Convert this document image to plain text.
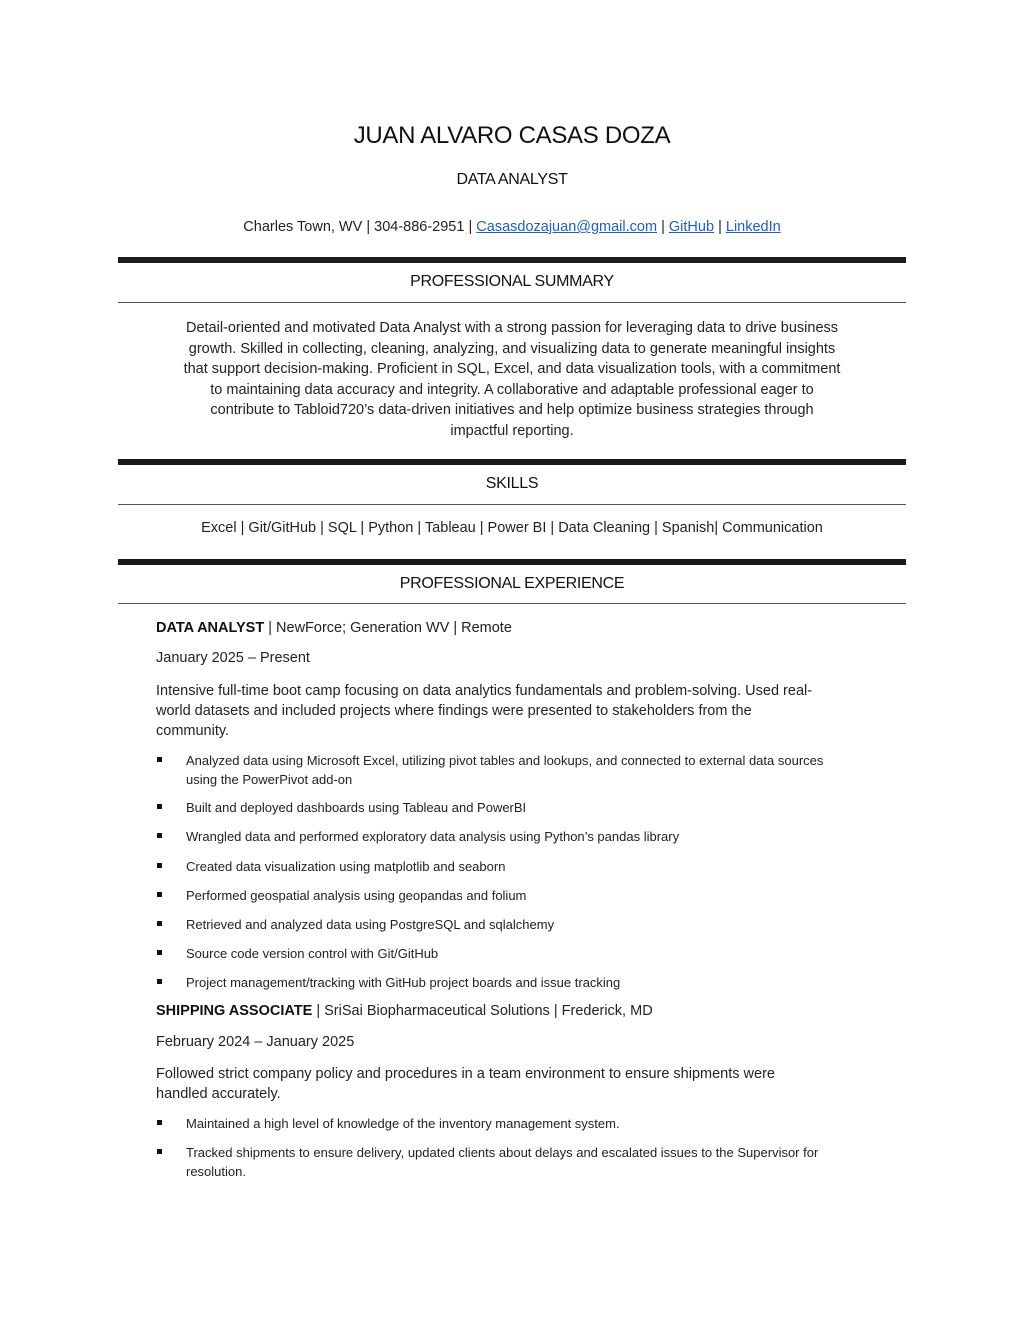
JUAN ALVARO CASAS DOZA
DATA ANALYST
Charles Town, WV | 304-886-2951 | Casasdozajuan@gmail.com | GitHub | LinkedIn
PROFESSIONAL SUMMARY
Detail-oriented and motivated Data Analyst with a strong passion for leveraging data to drive business
growth. Skilled in collecting, cleaning, analyzing, and visualizing data to generate meaningful insights
that support decision-making. Proficient in SQL, Excel, and data visualization tools, with a commitment
to maintaining data accuracy and integrity. A collaborative and adaptable professional eager to
contribute to Tabloid720’s data-driven initiatives and help optimize business strategies through
impactful reporting.
SKILLS
Excel | Git/GitHub | SQL | Python | Tableau | Power BI | Data Cleaning | Spanish| Communication
PROFESSIONAL EXPERIENCE
DATA ANALYST | NewForce; Generation WV | Remote
January 2025 – Present
Intensive full-time boot camp focusing on data analytics fundamentals and problem-solving. Used real-
world datasets and included projects where findings were presented to stakeholders from the
community.
Analyzed data using Microsoft Excel, utilizing pivot tables and lookups, and connected to external data sources
using the PowerPivot add-on
Built and deployed dashboards using Tableau and PowerBI
Wrangled data and performed exploratory data analysis using Python’s pandas library
Created data visualization using matplotlib and seaborn
Performed geospatial analysis using geopandas and folium
Retrieved and analyzed data using PostgreSQL and sqlalchemy
Source code version control with Git/GitHub
Project management/tracking with GitHub project boards and issue tracking
SHIPPING ASSOCIATE | SriSai Biopharmaceutical Solutions | Frederick, MD
February 2024 – January 2025
Followed strict company policy and procedures in a team environment to ensure shipments were
handled accurately.
Maintained a high level of knowledge of the inventory management system.
Tracked shipments to ensure delivery, updated clients about delays and escalated issues to the Supervisor for
resolution.
